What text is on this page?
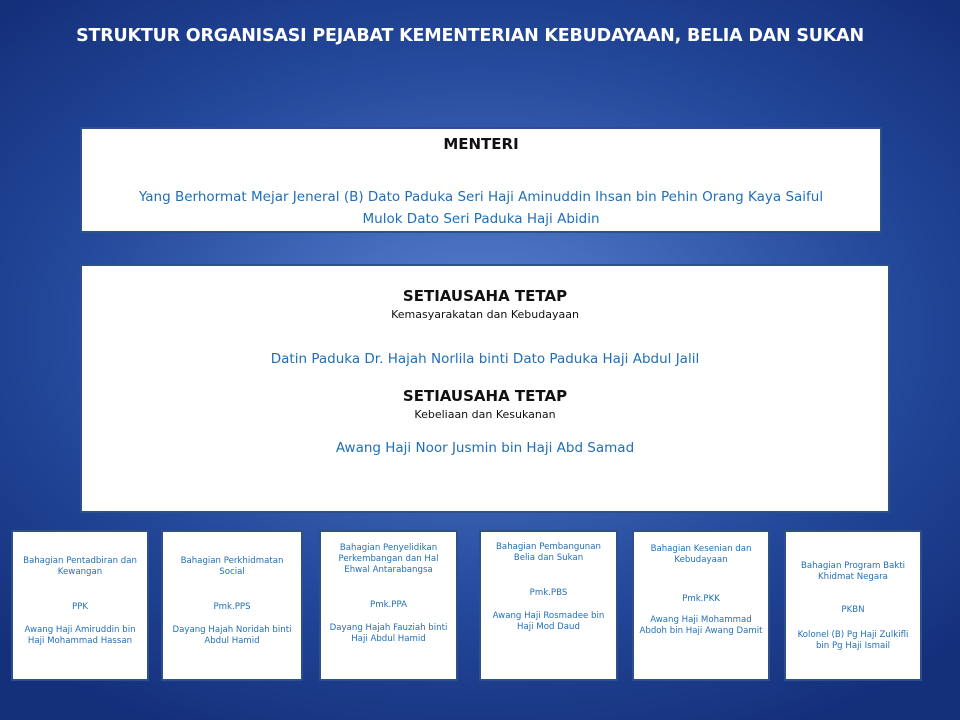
STRUKTUR ORGANISASI PEJABAT KEMENTERIAN KEBUDAYAAN, BELIA DAN SUKAN
MENTERI
Yang Berhormat Mejar Jeneral (B) Dato Paduka Seri Haji Aminuddin Ihsan bin Pehin Orang Kaya Saiful Mulok Dato Seri Paduka Haji Abidin
SETIAUSAHA TETAP
Kemasyarakatan dan Kebudayaan
Datin Paduka Dr. Hajah Norlila binti Dato Paduka Haji Abdul Jalil
SETIAUSAHA TETAP
Kebeliaan dan Kesukanan
Awang Haji Noor Jusmin bin Haji Abd Samad
Bahagian Pentadbiran dan Kewangan
PPK
Awang Haji Amiruddin bin Haji Mohammad Hassan
Bahagian Perkhidmatan Social
Pmk.PPS
Dayang Hajah Noridah binti Abdul Hamid
Bahagian Penyelidikan Perkembangan dan Hal Ehwal Antarabangsa
Pmk.PPA
Dayang Hajah Fauziah binti Haji Abdul Hamid
Bahagian Pembangunan Belia dan Sukan
Pmk.PBS
Awang Haji Rosmadee bin Haji Mod Daud
Bahagian Kesenian dan Kebudayaan
Pmk.PKK
Awang Haji Mohammad Abdoh bin Haji Awang Damit
Bahagian Program Bakti Khidmat Negara
PKBN
Kolonel (B) Pg Haji Zulkifli bin Pg Haji Ismail
